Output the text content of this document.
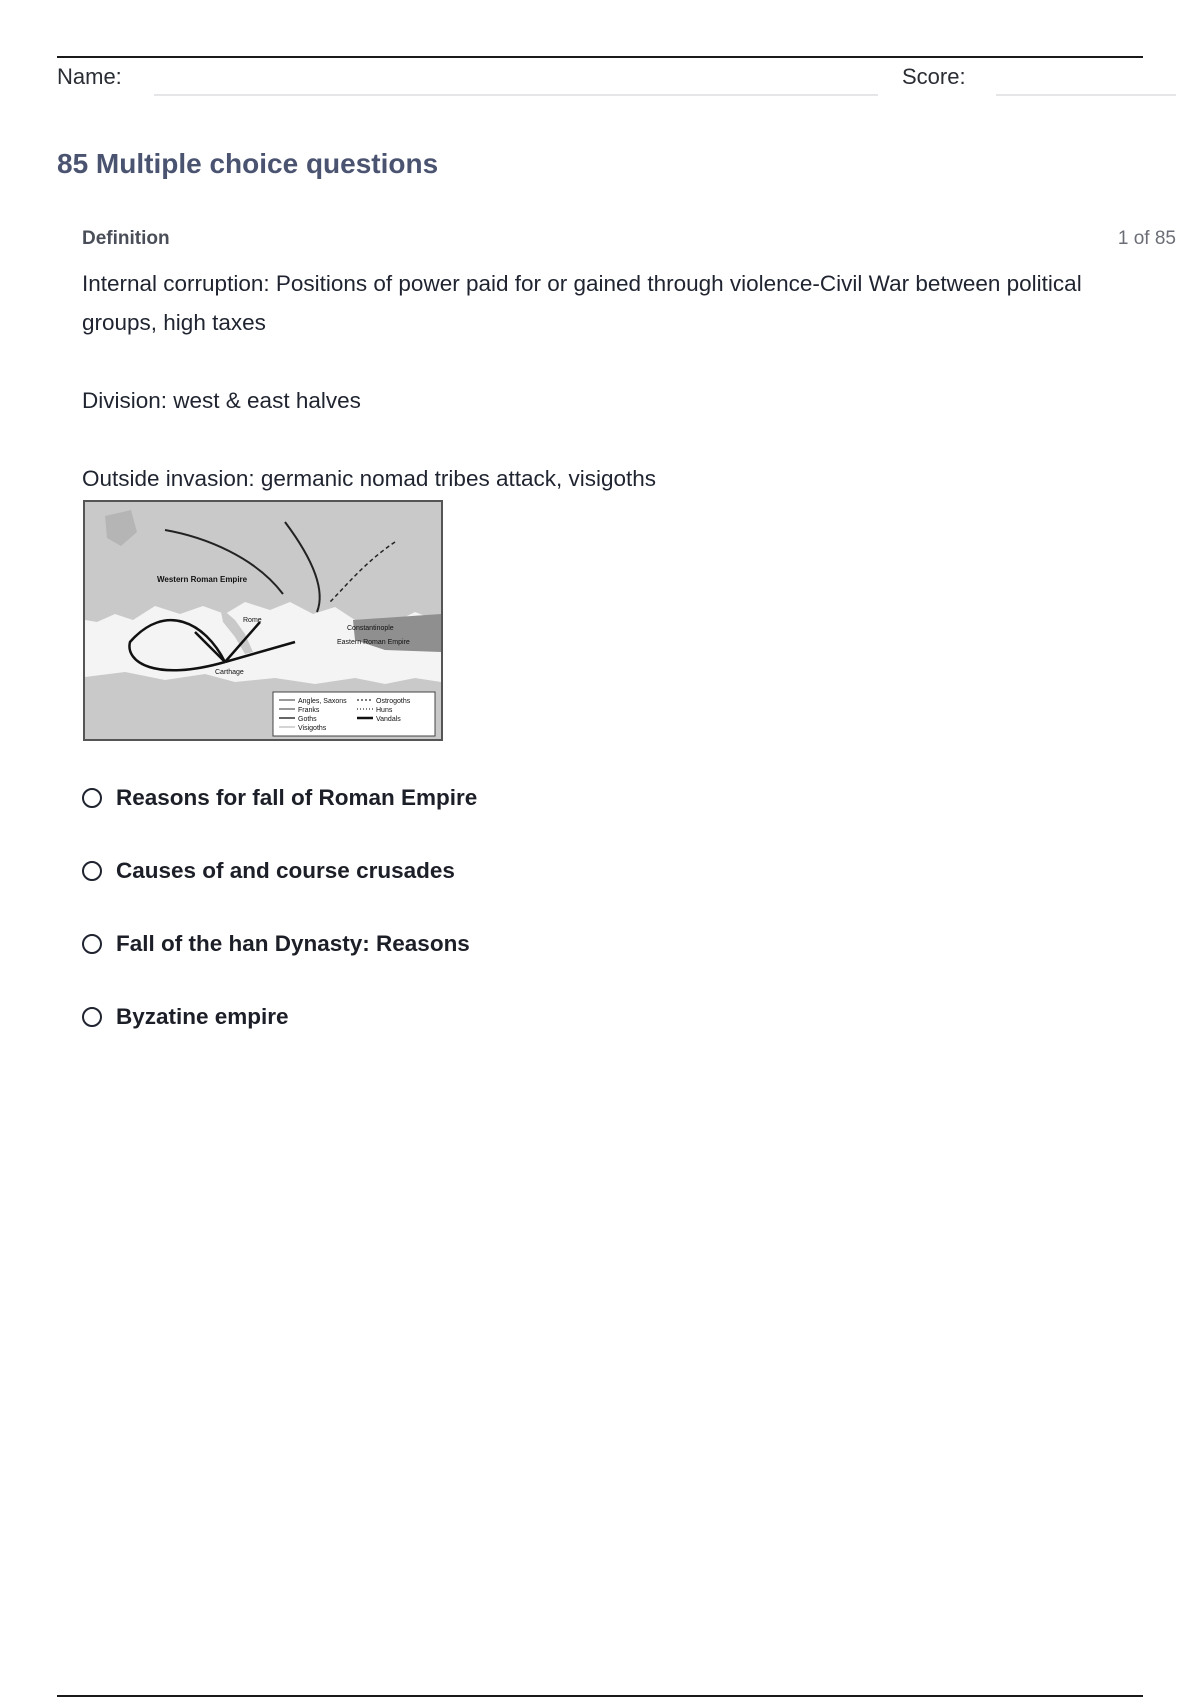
Name:	Score:
85 Multiple choice questions
Definition	1 of 85

Internal corruption: Positions of power paid for or gained through violence-Civil War between political groups, high taxes

Division: west & east halves

Outside invasion: germanic nomad tribes attack, visigoths

Western Roman Empire
Eastern Roman Empire
Constantinople
Carthage
Rome
Angles, Saxons
Franks
Goths
Visigoths
Ostrogoths
Huns
Vandals
Reasons for fall of Roman Empire
Causes of and course crusades
Fall of the han Dynasty: Reasons
Byzatine empire
